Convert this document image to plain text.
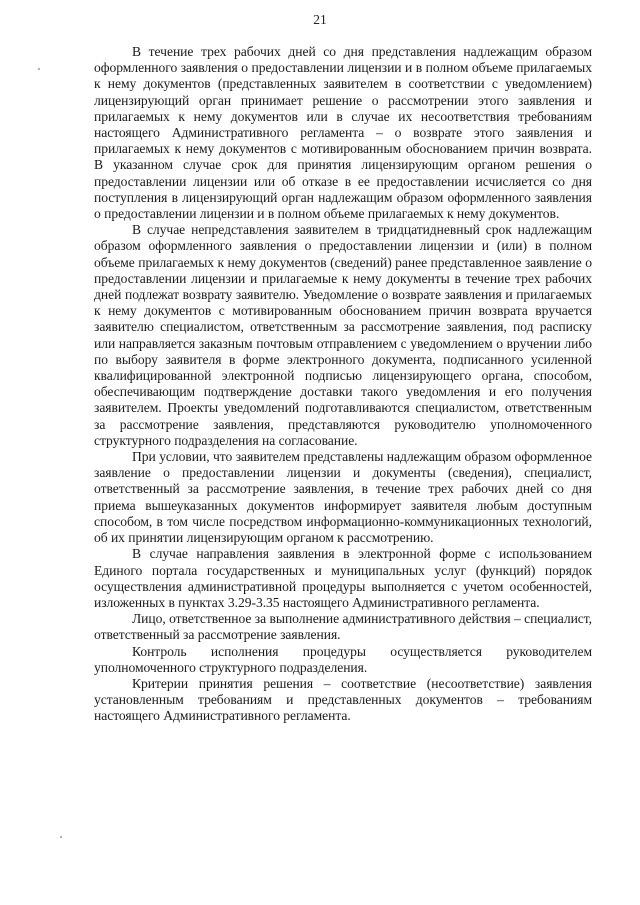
21

В течение трех рабочих дней со дня представления надлежащим образом оформленного заявления о предоставлении лицензии и в полном объеме прилагаемых к нему документов (представленных заявителем в соответствии с уведомлением) лицензирующий орган принимает решение о рассмотрении этого заявления и прилагаемых к нему документов или в случае их несоответствия требованиям настоящего Административного регламента – о возврате этого заявления и прилагаемых к нему документов с мотивированным обоснованием причин возврата. В указанном случае срок для принятия лицензирующим органом решения о предоставлении лицензии или об отказе в ее предоставлении исчисляется со дня поступления в лицензирующий орган надлежащим образом оформленного заявления о предоставлении лицензии и в полном объеме прилагаемых к нему документов.

В случае непредставления заявителем в тридцатидневный срок надлежащим образом оформленного заявления о предоставлении лицензии и (или) в полном объеме прилагаемых к нему документов (сведений) ранее представленное заявление о предоставлении лицензии и прилагаемые к нему документы в течение трех рабочих дней подлежат возврату заявителю. Уведомление о возврате заявления и прилагаемых к нему документов с мотивированным обоснованием причин возврата вручается заявителю специалистом, ответственным за рассмотрение заявления, под расписку или направляется заказным почтовым отправлением с уведомлением о вручении либо по выбору заявителя в форме электронного документа, подписанного усиленной квалифицированной электронной подписью лицензирующего органа, способом, обеспечивающим подтверждение доставки такого уведомления и его получения заявителем. Проекты уведомлений подготавливаются специалистом, ответственным за рассмотрение заявления, представляются руководителю уполномоченного структурного подразделения на согласование.

При условии, что заявителем представлены надлежащим образом оформленное заявление о предоставлении лицензии и документы (сведения), специалист, ответственный за рассмотрение заявления, в течение трех рабочих дней со дня приема вышеуказанных документов информирует заявителя любым доступным способом, в том числе посредством информационно-коммуникационных технологий, об их принятии лицензирующим органом к рассмотрению.

В случае направления заявления в электронной форме с использованием Единого портала государственных и муниципальных услуг (функций) порядок осуществления административной процедуры выполняется с учетом особенностей, изложенных в пунктах 3.29-3.35 настоящего Административного регламента.

Лицо, ответственное за выполнение административного действия – специалист, ответственный за рассмотрение заявления.

Контроль исполнения процедуры осуществляется руководителем уполномоченного структурного подразделения.

Критерии принятия решения – соответствие (несоответствие) заявления установленным требованиям и представленных документов – требованиям настоящего Административного регламента.
